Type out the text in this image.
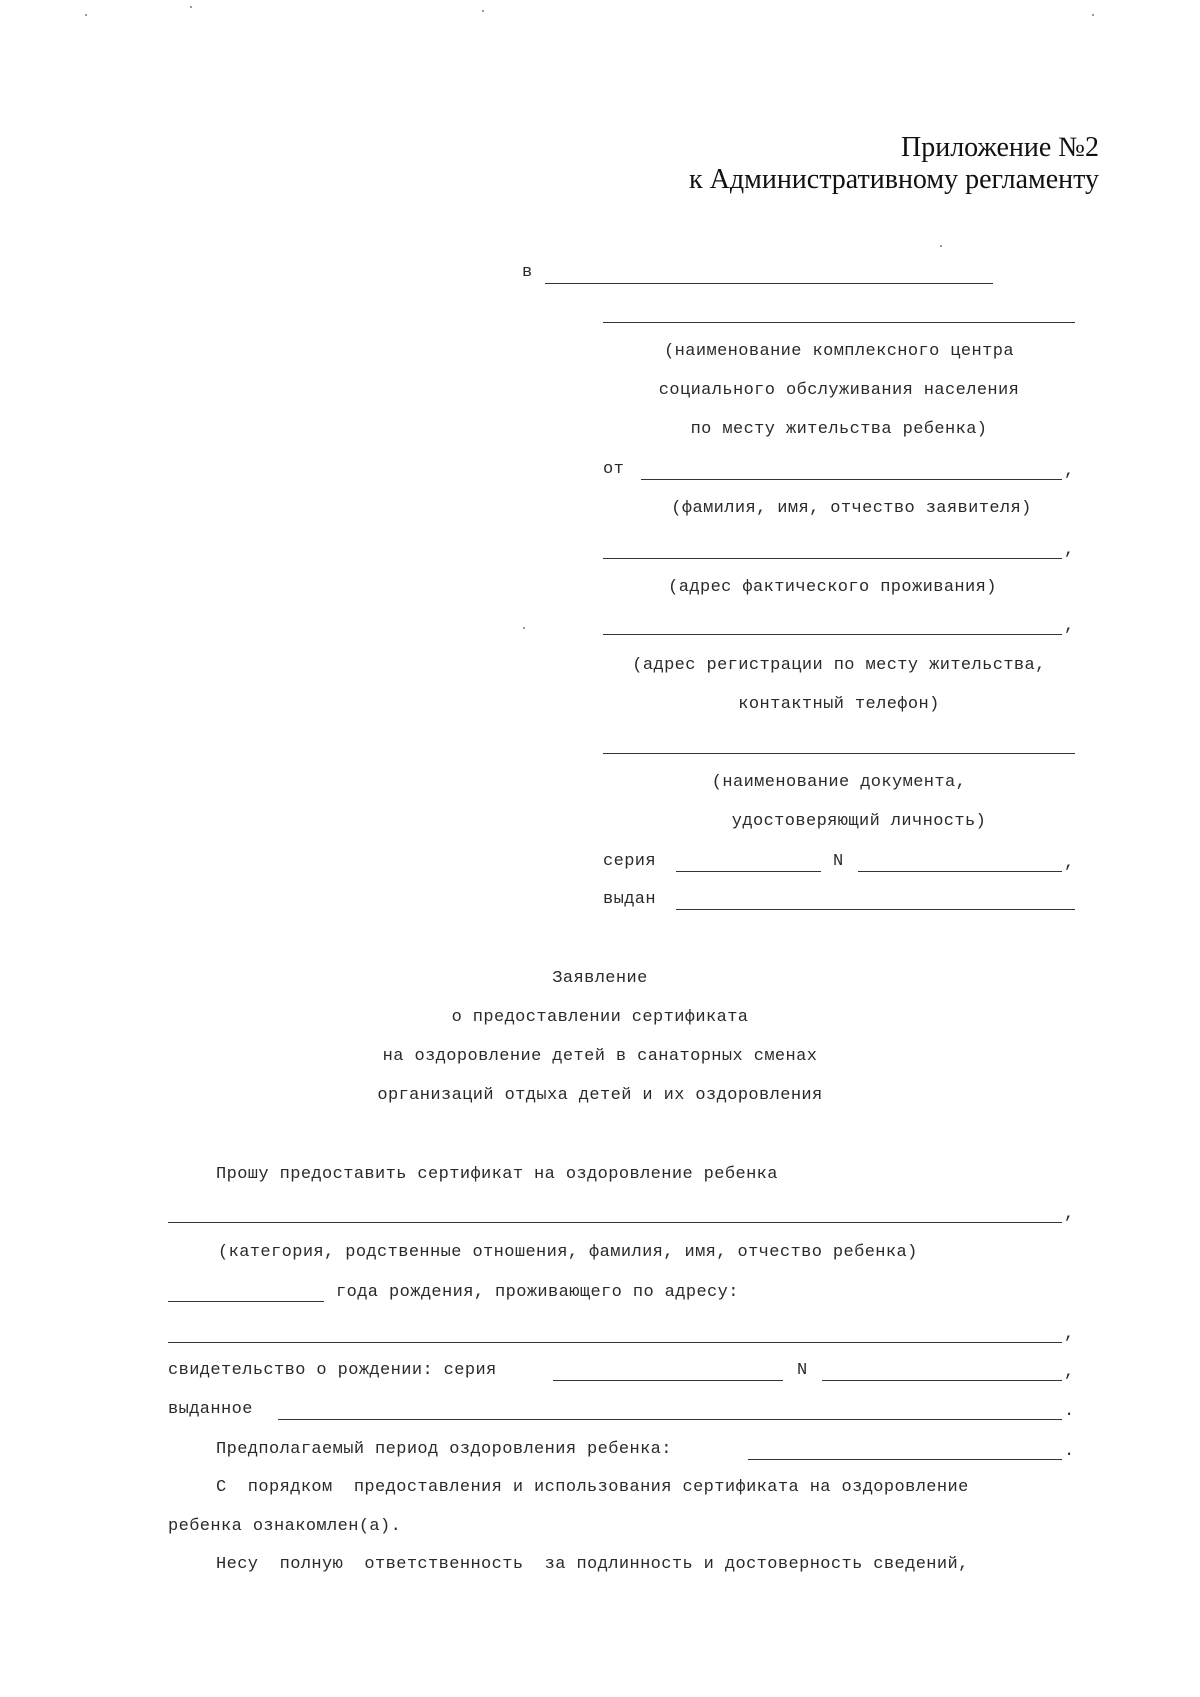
Приложение №2
к Административному регламенту
в
(наименование комплексного центра
социального обслуживания населения
по месту жительства ребенка)
от	,
(фамилия, имя, отчество заявителя)
,
(адрес фактического проживания)
,
(адрес регистрации по месту жительства,
контактный телефон)
(наименование документа,
удостоверяющий личность)
серия	N	,
выдан
Заявление
о предоставлении сертификата
на оздоровление детей в санаторных сменах
организаций отдыха детей и их оздоровления
Прошу предоставить сертификат на оздоровление ребенка
,
(категория, родственные отношения, фамилия, имя, отчество ребенка)
года рождения, проживающего по адресу:
,
свидетельство о рождении: серия	N	,
выданное	.
Предполагаемый период оздоровления ребенка:	.
С  порядком  предоставления и использования сертификата на оздоровление
ребенка ознакомлен(а).
Несу  полную  ответственность  за подлинность и достоверность сведений,
